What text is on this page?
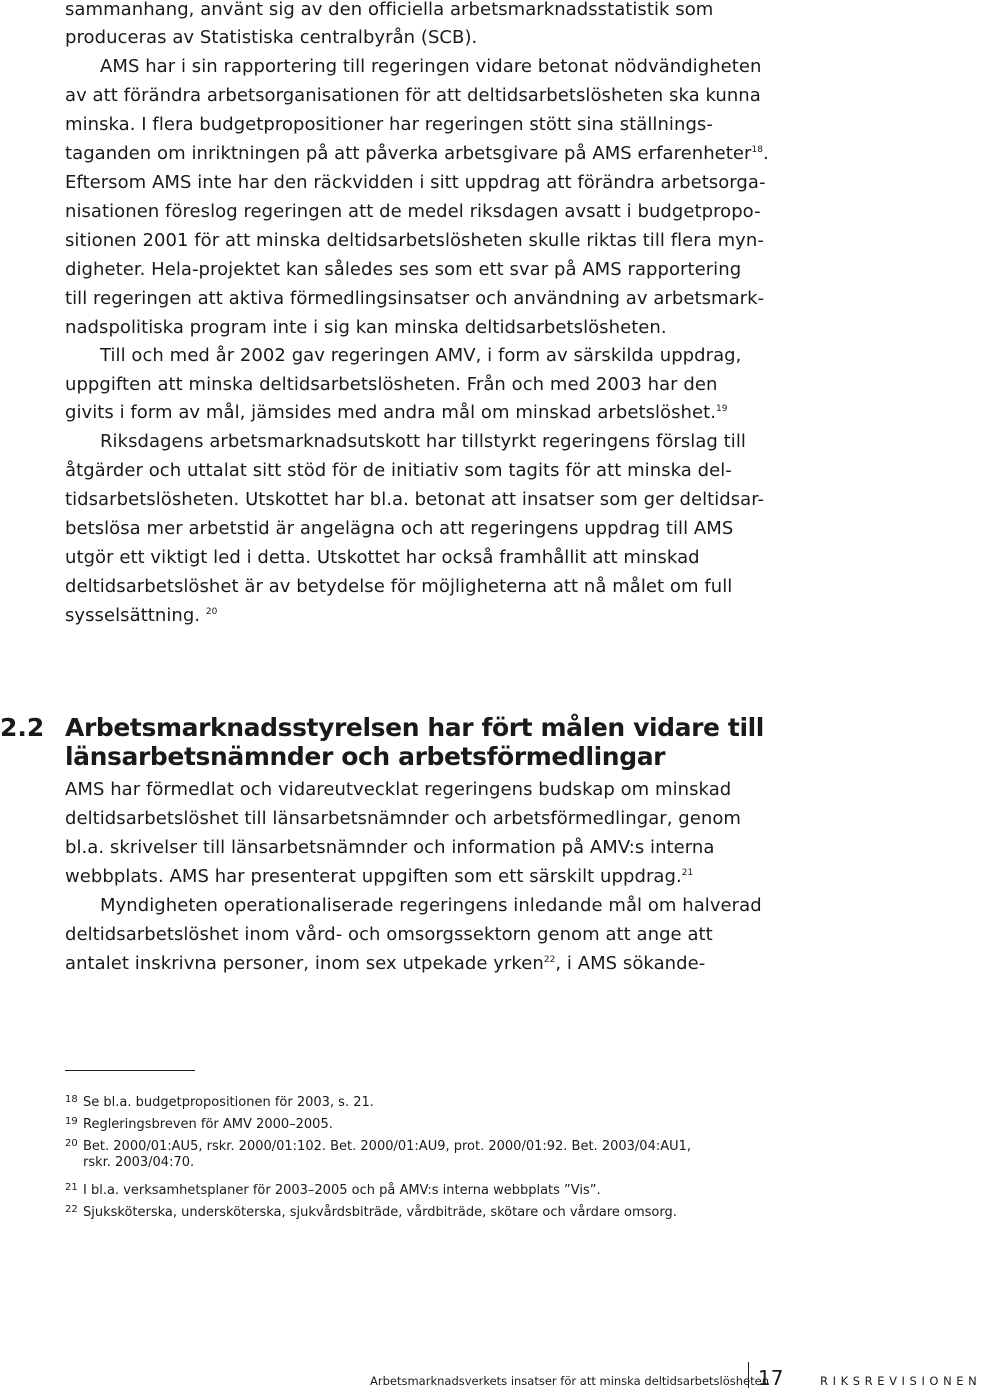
sammanhang, använt sig av den officiella arbetsmarknadsstatistik som
produceras av Statistiska centralbyrån (SCB).
AMS har i sin rapportering till regeringen vidare betonat nödvändigheten
av att förändra arbetsorganisationen för att deltidsarbetslösheten ska kunna
minska. I flera budgetpropositioner har regeringen stött sina ställnings-
taganden om inriktningen på att påverka arbetsgivare på AMS erfarenheter$^{18}$.
Eftersom AMS inte har den räckvidden i sitt uppdrag att förändra arbetsorga-
nisationen föreslog regeringen att de medel riksdagen avsatt i budgetpropo-
sitionen 2001 för att minska deltidsarbetslösheten skulle riktas till flera myn-
digheter. Hela-projektet kan således ses som ett svar på AMS rapportering
till regeringen att aktiva förmedlingsinsatser och användning av arbetsmark-
nadspolitiska program inte i sig kan minska deltidsarbetslösheten.
Till och med år 2002 gav regeringen AMV, i form av särskilda uppdrag,
uppgiften att minska deltidsarbetslösheten. Från och med 2003 har den
givits i form av mål, jämsides med andra mål om minskad arbetslöshet.$^{19}$
Riksdagens arbetsmarknadsutskott har tillstyrkt regeringens förslag till
åtgärder och uttalat sitt stöd för de initiativ som tagits för att minska del-
tidsarbetslösheten. Utskottet har bl.a. betonat att insatser som ger deltidsar-
betslösa mer arbetstid är angelägna och att regeringens uppdrag till AMS
utgör ett viktigt led i detta. Utskottet har också framhållit att minskad
deltidsarbetslöshet är av betydelse för möjligheterna att nå målet om full
sysselsättning. $^{20}$
2.2 Arbetsmarknadsstyrelsen har fört målen vidare till
länsarbetsnämnder och arbetsförmedlingar
AMS har förmedlat och vidareutvecklat regeringens budskap om minskad
deltidsarbetslöshet till länsarbetsnämnder och arbetsförmedlingar, genom
bl.a. skrivelser till länsarbetsnämnder och information på AMV:s interna
webbplats. AMS har presenterat uppgiften som ett särskilt uppdrag.$^{21}$
Myndigheten operationaliserade regeringens inledande mål om halverad
deltidsarbetslöshet inom vård- och omsorgssektorn genom att ange att
antalet inskrivna personer, inom sex utpekade yrken$^{22}$, i AMS sökande-
18 Se bl.a. budgetpropositionen för 2003, s. 21.
19 Regleringsbreven för AMV 2000–2005.
20 Bet. 2000/01:AU5, rskr. 2000/01:102. Bet. 2000/01:AU9, prot. 2000/01:92. Bet. 2003/04:AU1,
rskr. 2003/04:70.
21 I bl.a. verksamhetsplaner för 2003–2005 och på AMV:s interna webbplats ”Vis”.
22 Sjuksköterska, undersköterska, sjukvårdsbiträde, vårdbiträde, skötare och vårdare omsorg.
Arbetsmarknadsverkets insatser för att minska deltidsarbetslösheten
17	RIKSREVISIONEN
